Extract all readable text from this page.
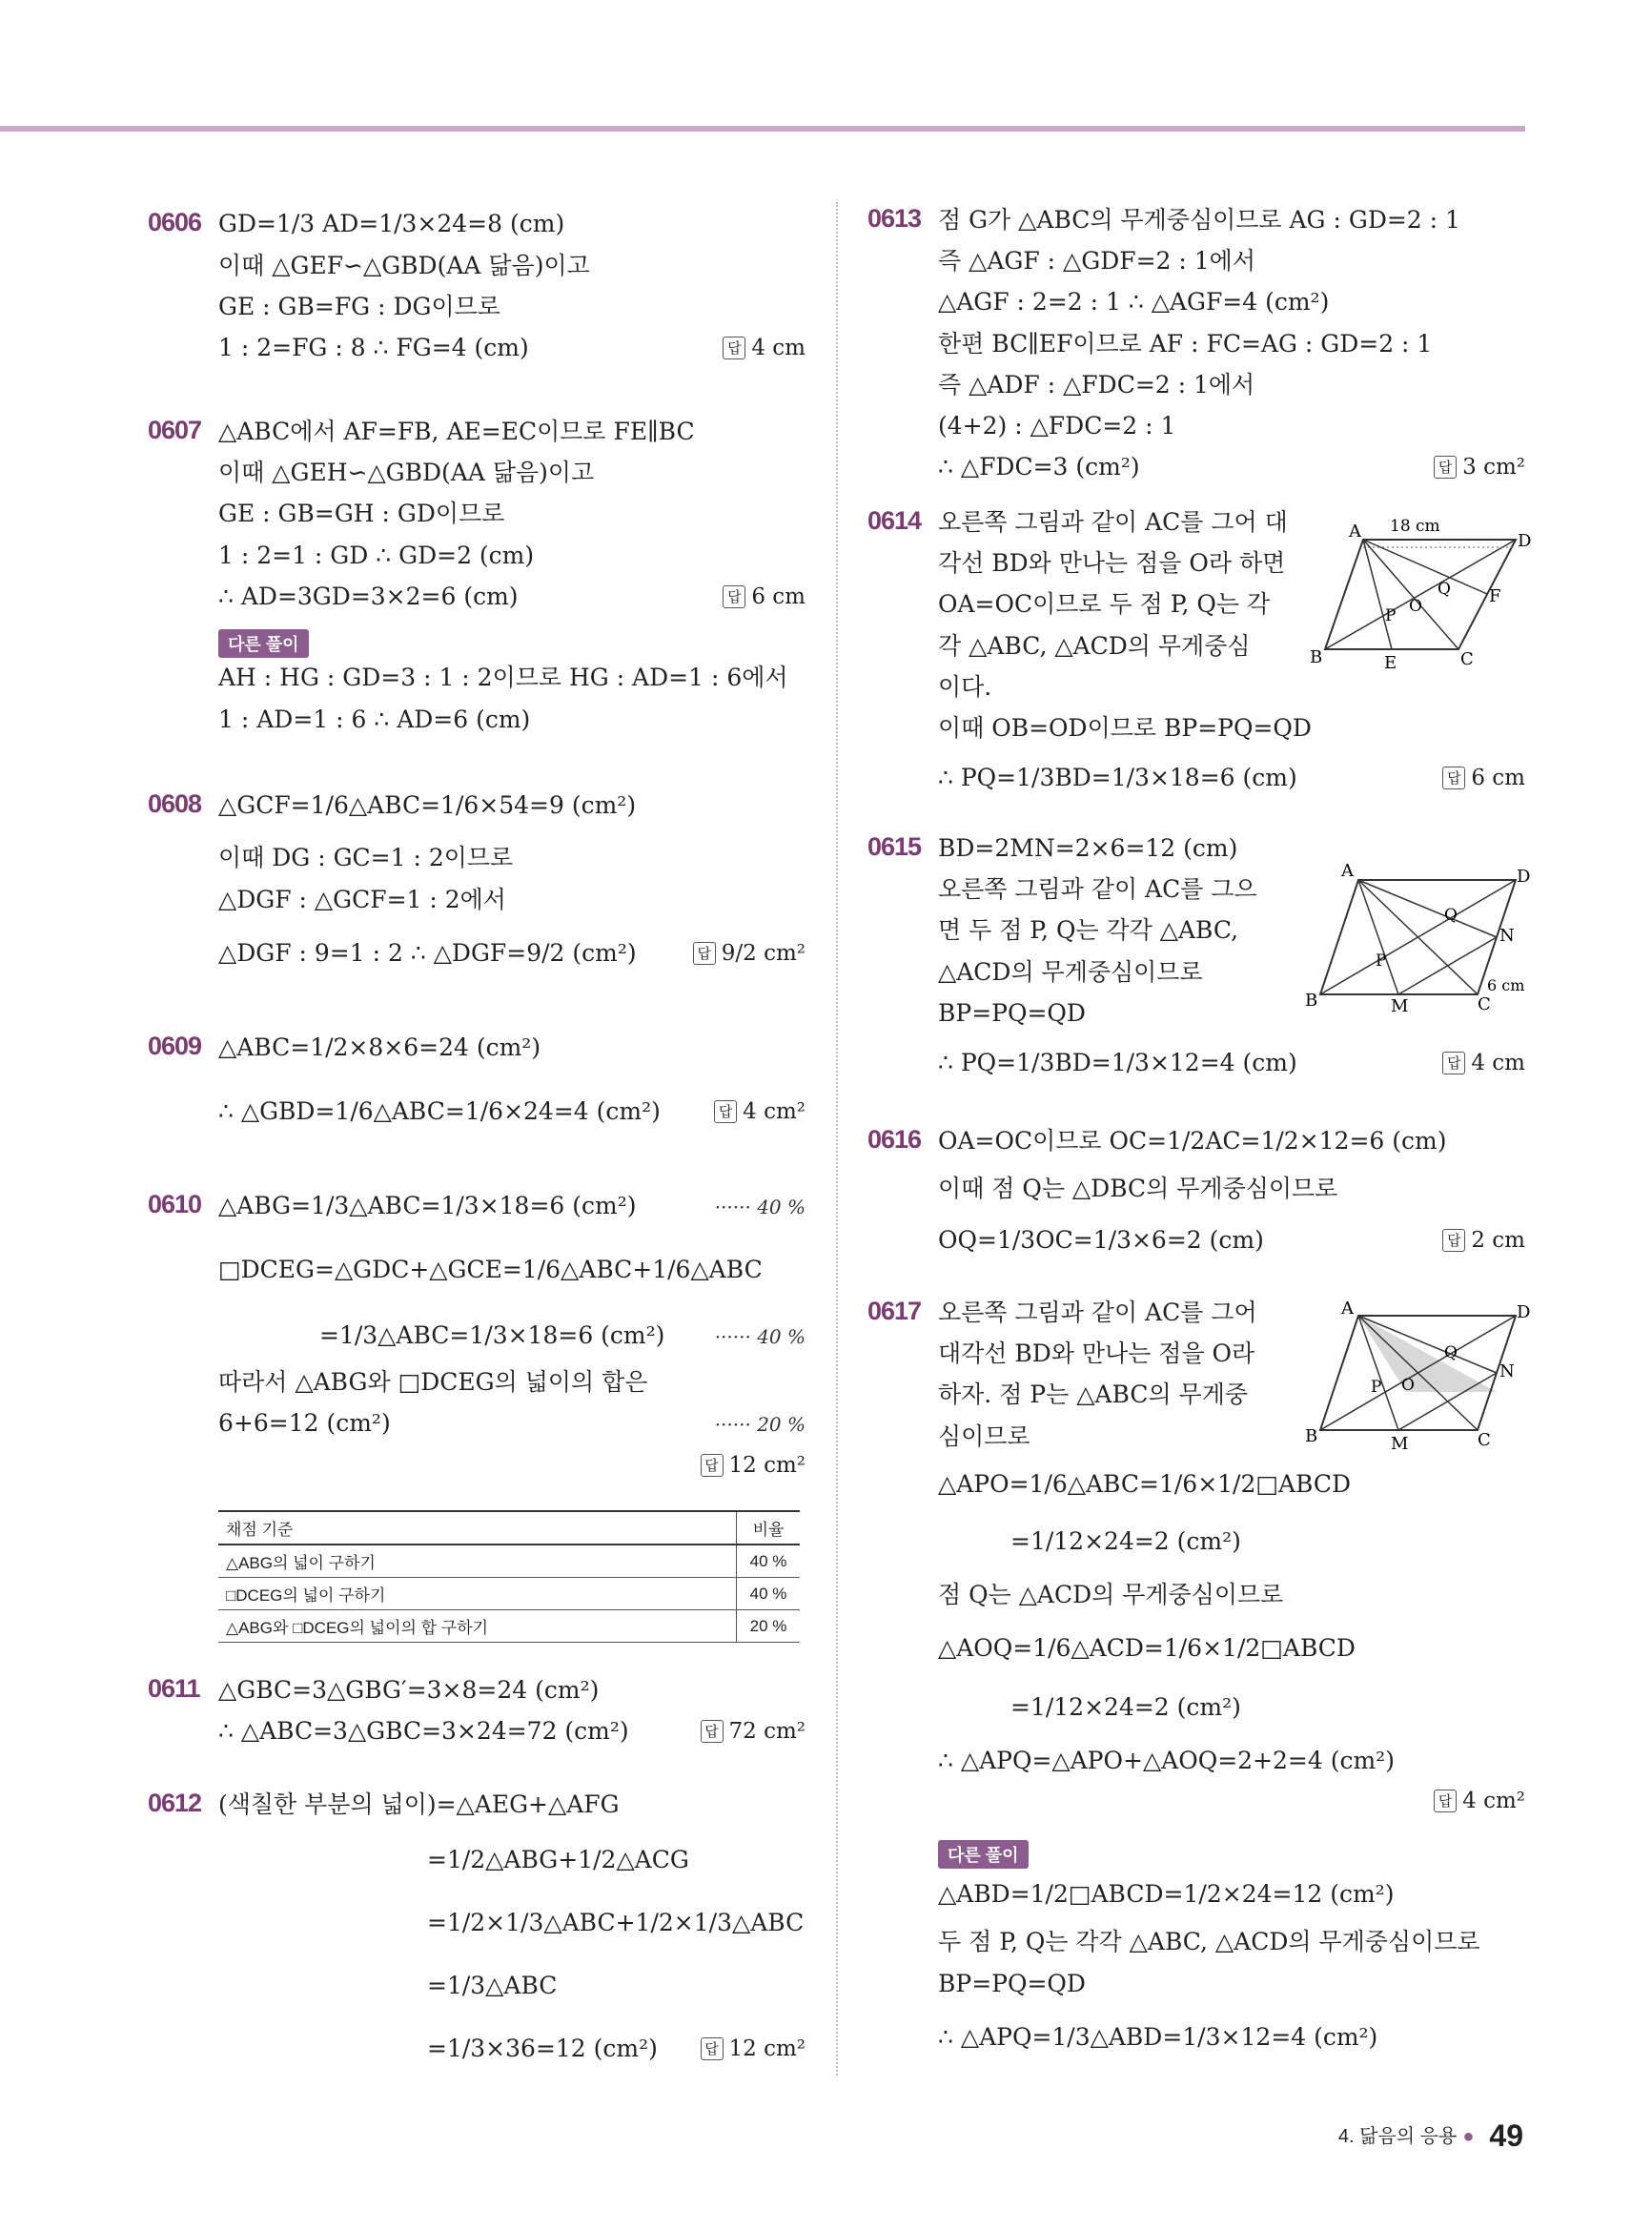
0606 GD=1/3 AD=1/3×24=8 (cm)
이때 △GEF∽△GBD(AA 닮음)이고
GE : GB=FG : DG이므로
1 : 2=FG : 8 ∴ FG=4 (cm)	답 4 cm
0607 △ABC에서 AF=FB, AE=EC이므로 FE∥BC
이때 △GEH∽△GBD(AA 닮음)이고
GE : GB=GH : GD이므로
1 : 2=1 : GD ∴ GD=2 (cm)
∴ AD=3GD=3×2=6 (cm)	답 6 cm
다른 풀이
AH : HG : GD=3 : 1 : 2이므로 HG : AD=1 : 6에서
1 : AD=1 : 6 ∴ AD=6 (cm)
0608 △GCF=1/6△ABC=1/6×54=9 (cm²)
이때 DG : GC=1 : 2이므로
△DGF : △GCF=1 : 2에서
△DGF : 9=1 : 2 ∴ △DGF=9/2 (cm²)	답 9/2 cm²
0609 △ABC=1/2×8×6=24 (cm²)
∴ △GBD=1/6△ABC=1/6×24=4 (cm²)	답 4 cm²
0610 △ABG=1/3△ABC=1/3×18=6 (cm²)	······ 40 %
□DCEG=△GDC+△GCE=1/6△ABC+1/6△ABC
=1/3△ABC=1/3×18=6 (cm²)	······ 40 %
따라서 △ABG와 □DCEG의 넓이의 합은
6+6=12 (cm²)	······ 20 %
답 12 cm²
채점 기준	비율
△ABG의 넓이 구하기	40 %
□DCEG의 넓이 구하기	40 %
△ABG와 □DCEG의 넓이의 합 구하기	20 %
0611 △GBC=3△GBG′=3×8=24 (cm²)
∴ △ABC=3△GBC=3×24=72 (cm²)	답 72 cm²
0612 (색칠한 부분의 넓이)=△AEG+△AFG
=1/2△ABG+1/2△ACG
=1/2×1/3△ABC+1/2×1/3△ABC
=1/3△ABC
=1/3×36=12 (cm²)	답 12 cm²
0613 점 G가 △ABC의 무게중심이므로 AG : GD=2 : 1
즉 △AGF : △GDF=2 : 1에서
△AGF : 2=2 : 1 ∴ △AGF=4 (cm²)
한편 BC∥EF이므로 AF : FC=AG : GD=2 : 1
즉 △ADF : △FDC=2 : 1에서
(4+2) : △FDC=2 : 1
∴ △FDC=3 (cm²)	답 3 cm²
0614 오른쪽 그림과 같이 AC를 그어 대
각선 BD와 만나는 점을 O라 하면
OA=OC이므로 두 점 P, Q는 각
각 △ABC, △ACD의 무게중심
이다.
이때 OB=OD이므로 BP=PQ=QD
∴ PQ=1/3BD=1/3×18=6 (cm)	답 6 cm
A	D
B	C
E
F
P O
Q
18 cm
0615 BD=2MN=2×6=12 (cm)
오른쪽 그림과 같이 AC를 그으
면 두 점 P, Q는 각각 △ABC,
△ACD의 무게중심이므로
BP=PQ=QD
∴ PQ=1/3BD=1/3×12=4 (cm)	답 4 cm
A	D
B	C
M
N
P
Q
6 cm
0616 OA=OC이므로 OC=1/2AC=1/2×12=6 (cm)
이때 점 Q는 △DBC의 무게중심이므로
OQ=1/3OC=1/3×6=2 (cm)	답 2 cm
0617 오른쪽 그림과 같이 AC를 그어
대각선 BD와 만나는 점을 O라
하자. 점 P는 △ABC의 무게중
심이므로
△APO=1/6△ABC=1/6×1/2□ABCD
=1/12×24=2 (cm²)
점 Q는 △ACD의 무게중심이므로
△AOQ=1/6△ACD=1/6×1/2□ABCD
=1/12×24=2 (cm²)
∴ △APQ=△APO+△AOQ=2+2=4 (cm²)
답 4 cm²
다른 풀이
△ABD=1/2□ABCD=1/2×24=12 (cm²)
두 점 P, Q는 각각 △ABC, △ACD의 무게중심이므로
BP=PQ=QD
∴ △APQ=1/3△ABD=1/3×12=4 (cm²)
A	D
B	C
M
N
P O
Q
4. 닮음의 응용 ● 49
